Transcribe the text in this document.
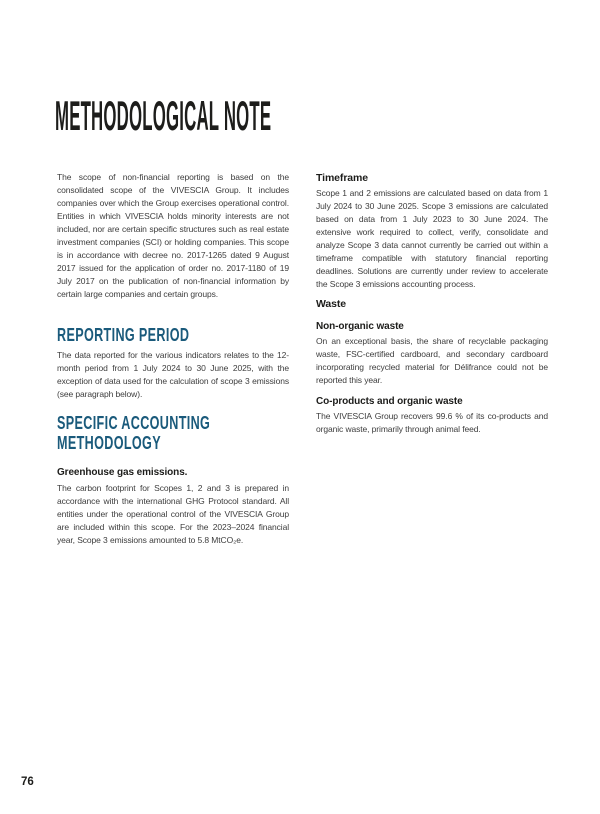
METHODOLOGICAL NOTE

The scope of non-financial reporting is based on the consolidated scope of the VIVESCIA Group. It includes companies over which the Group exercises operational control. Entities in which VIVESCIA holds minority interests are not included, nor are certain specific structures such as real estate investment companies (SCI) or holding companies. This scope is in accordance with decree no. 2017-1265 dated 9 August 2017 issued for the application of order no. 2017-1180 of 19 July 2017 on the publication of non-financial information by certain large companies and certain groups.

REPORTING PERIOD

The data reported for the various indicators relates to the 12-month period from 1 July 2024 to 30 June 2025, with the exception of data used for the calculation of scope 3 emissions (see paragraph below).

SPECIFIC ACCOUNTING METHODOLOGY
Greenhouse gas emissions.

The carbon footprint for Scopes 1, 2 and 3 is prepared in accordance with the international GHG Protocol standard. All entities under the operational control of the VIVESCIA Group are included within this scope. For the 2023–2024 financial year, Scope 3 emissions amounted to 5.8 MtCO₂e.

Timeframe

Scope 1 and 2 emissions are calculated based on data from 1 July 2024 to 30 June 2025. Scope 3 emissions are calculated based on data from 1 July 2023 to 30 June 2024. The extensive work required to collect, verify, consolidate and analyze Scope 3 data cannot currently be carried out within a timeframe compatible with statutory financial reporting deadlines. Solutions are currently under review to accelerate the Scope 3 emissions accounting process.

Waste
Non-organic waste

On an exceptional basis, the share of recyclable packaging waste, FSC-certified cardboard, and secondary cardboard incorporating recycled material for Délifrance could not be reported this year.

Co-products and organic waste

The VIVESCIA Group recovers 99.6 % of its co-products and organic waste, primarily through animal feed.

76
